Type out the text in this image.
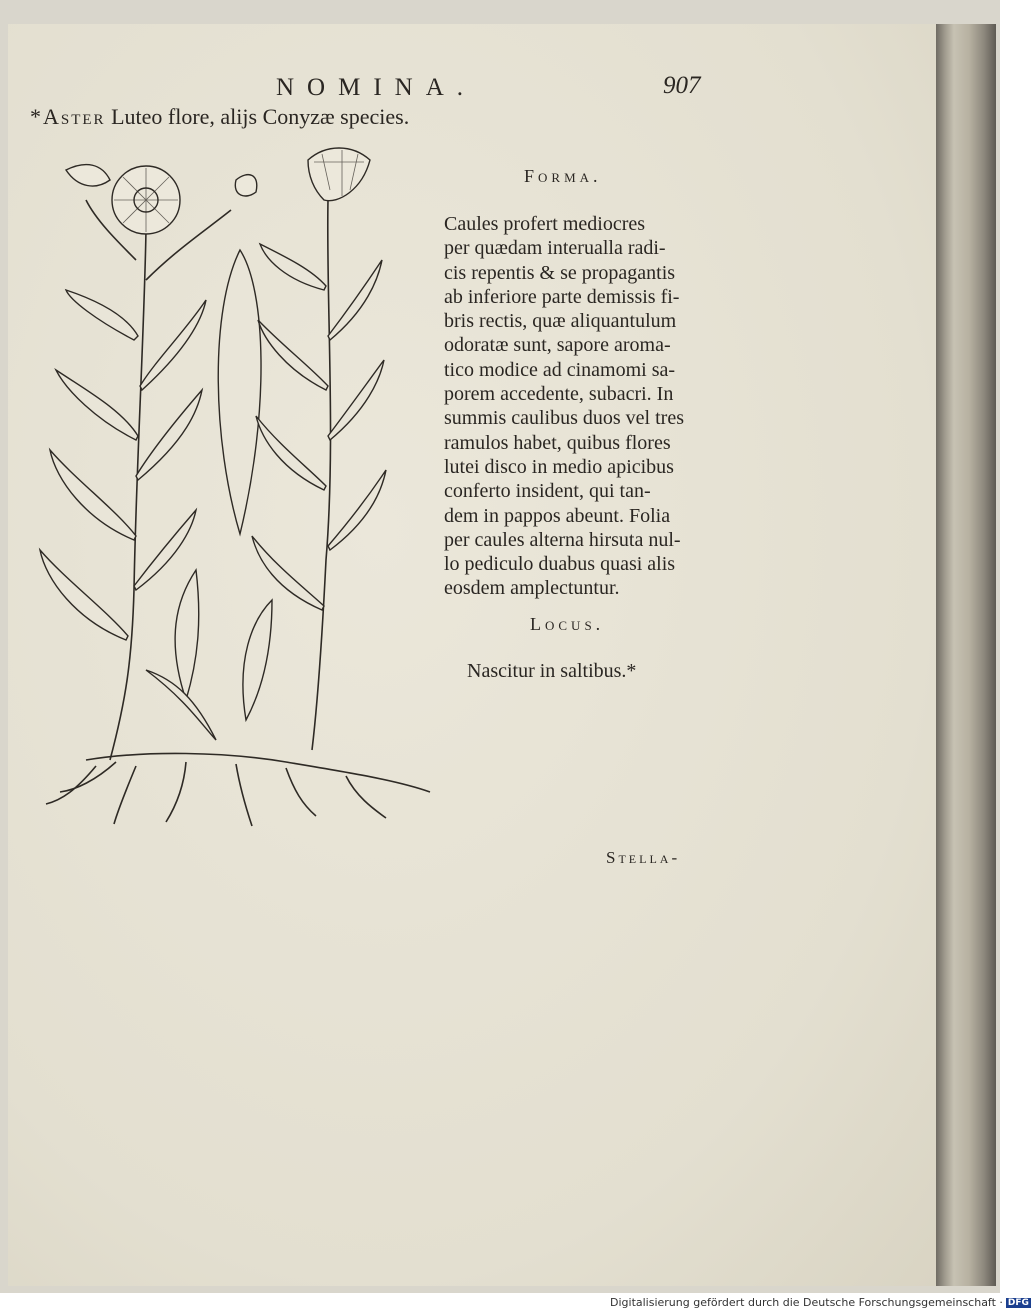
NOMINA.	907
*Aster Luteo flore, alijs Conyzæ species.
Forma.
Caules profert mediocres
per quædam interualla radi-
cis repentis & se propagantis
ab inferiore parte demissis fi-
bris rectis, quæ aliquantulum
odoratæ sunt, sapore aroma-
tico modice ad cinamomi sa-
porem accedente, subacri. In
summis caulibus duos vel tres
ramulos habet, quibus flores
lutei disco in medio apicibus
conferto insident, qui tan-
dem in pappos abeunt. Folia
per caules alterna hirsuta nul-
lo pediculo duabus quasi alis
eosdem amplectuntur.
Locus.
Nascitur in saltibus.*
Stella-
Digitalisierung gefördert durch die Deutsche Forschungsgemeinschaft · DFG
